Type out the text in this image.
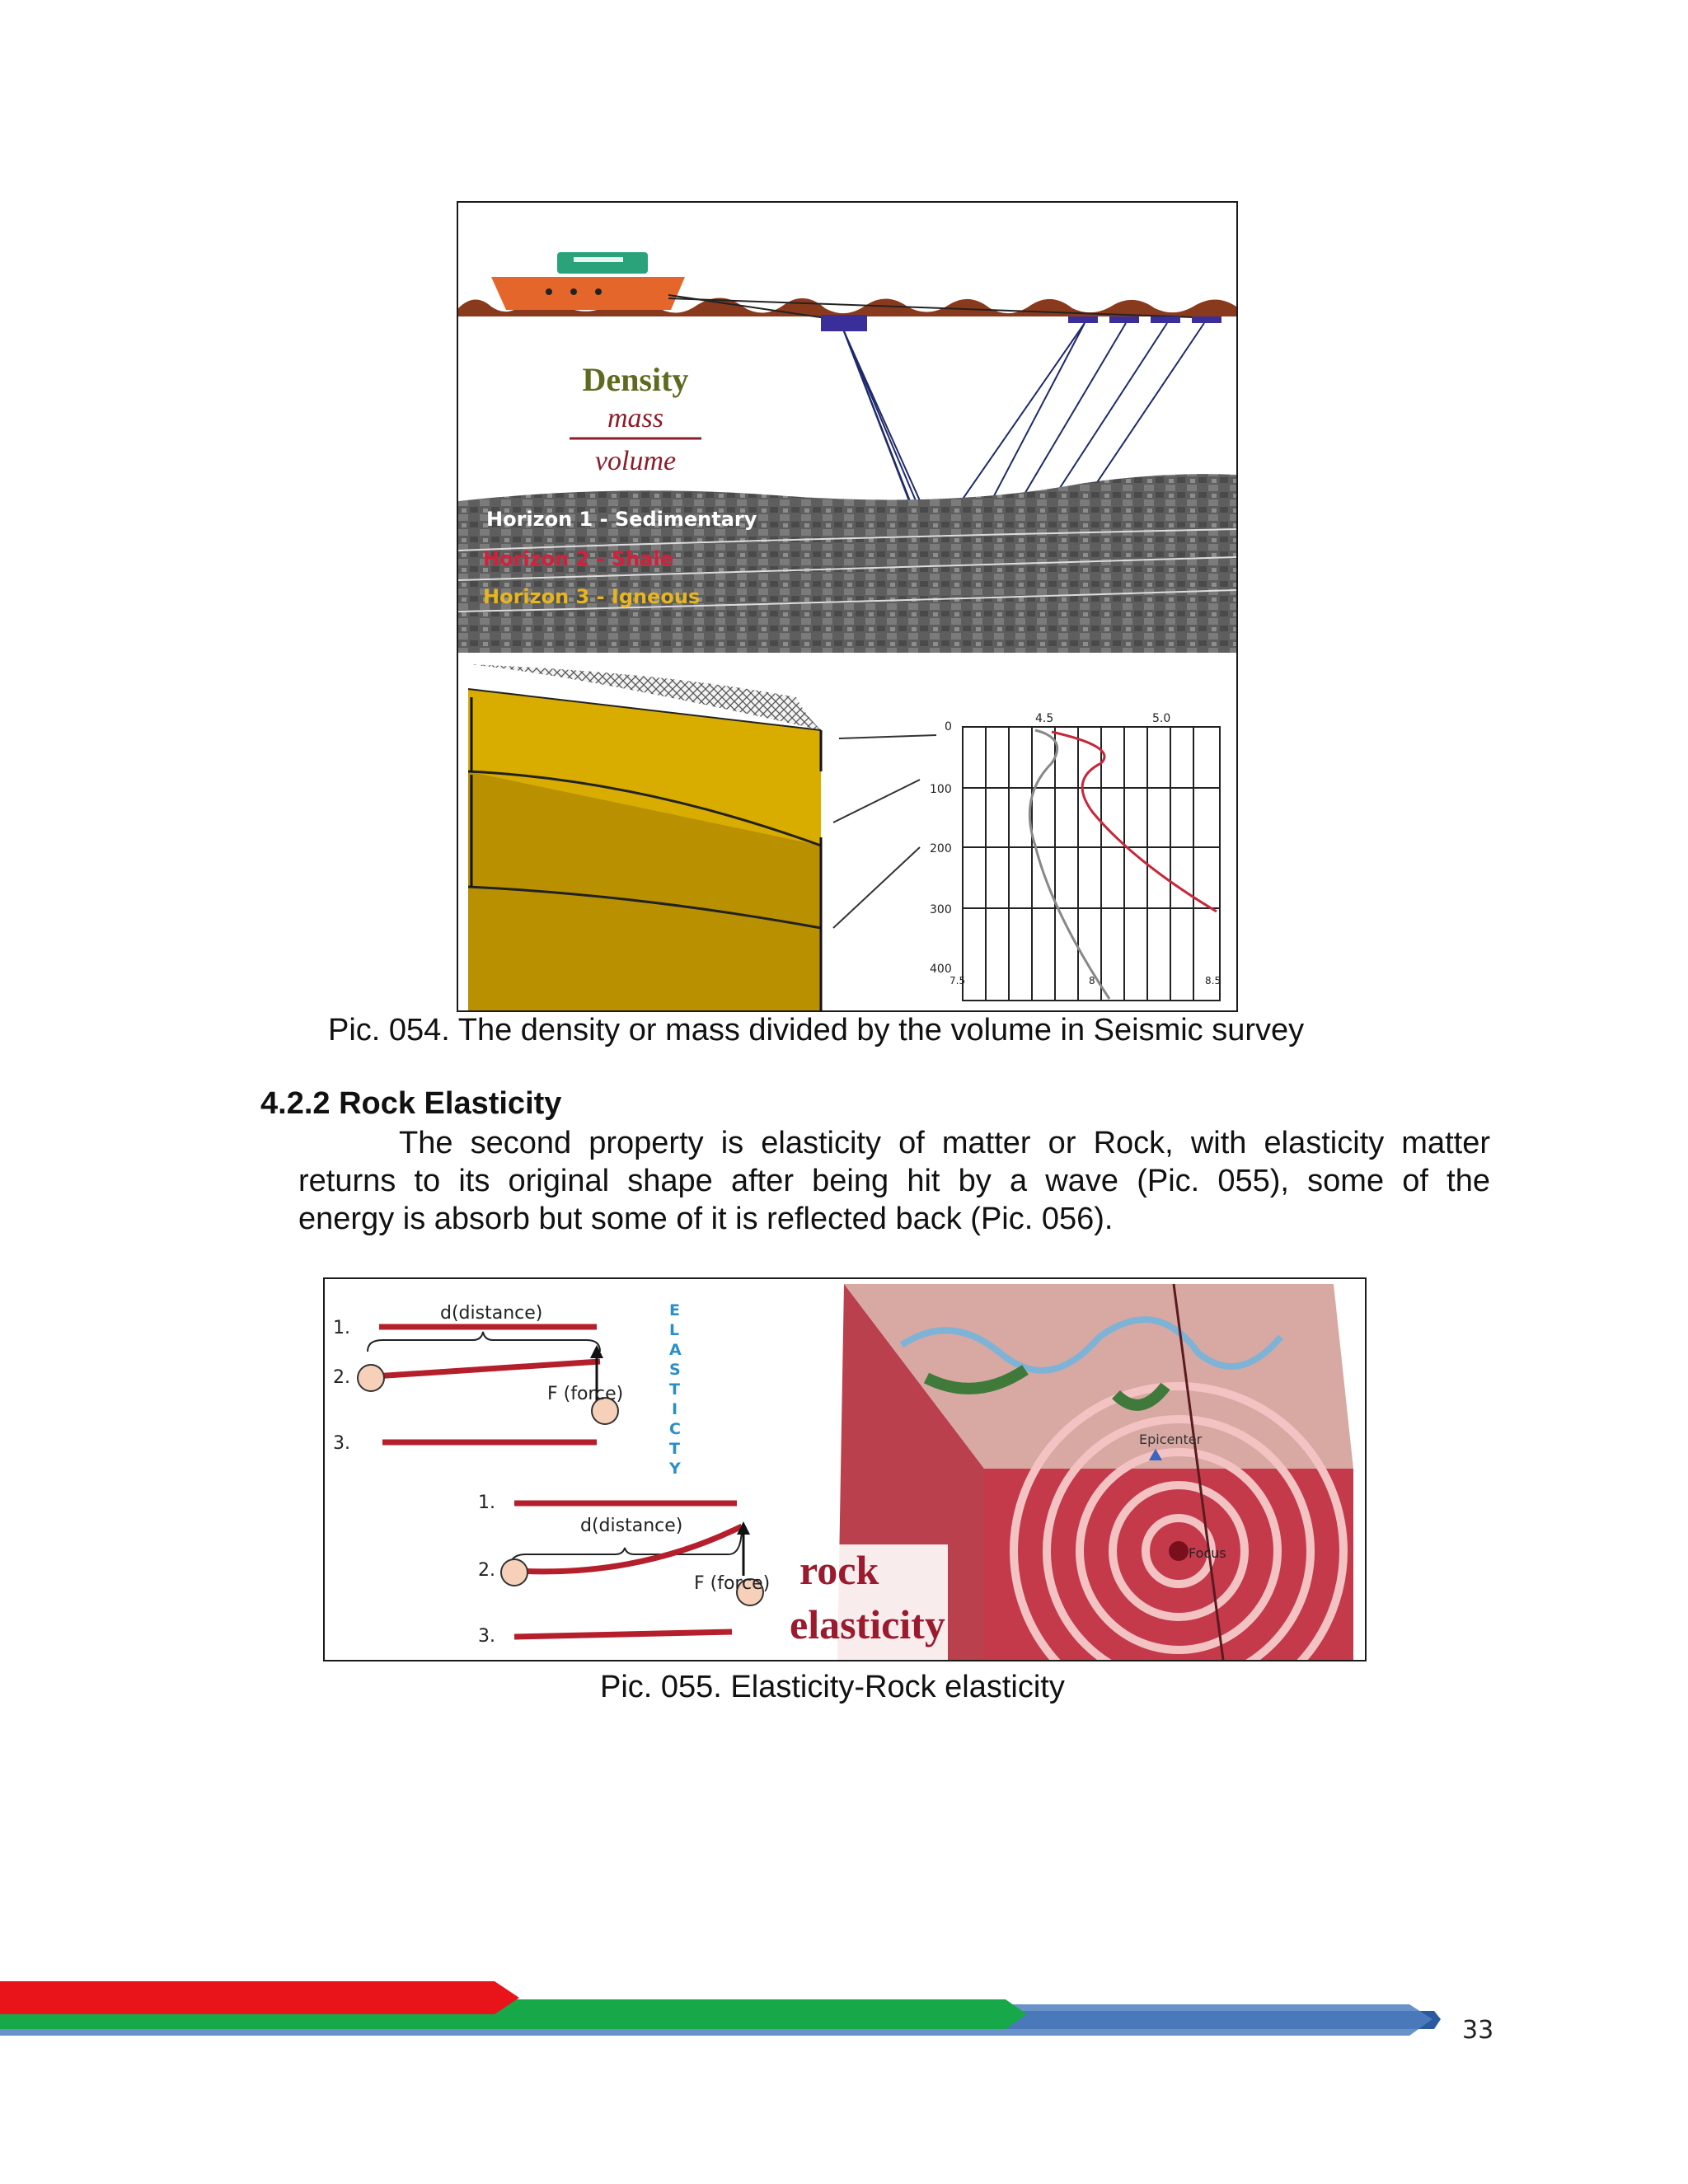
Density
mass
volume
Horizon 1 - Sedimentary
Horizon 2 - Shale
Horizon 3 - Igneous
4.5	5.0
0
100
200
300
400
7.5	8	8.5
Pic. 054. The density or mass divided by the volume in Seismic survey
4.2.2 Rock Elasticity
The second property is elasticity of matter or Rock, with elasticity matter
returns to its original shape after being hit by a wave (Pic. 055), some of the
energy is absorb but some of it is reflected back (Pic. 056).
1.
2.
3.
d(distance)
F (force)
E
L
A
S
T
I
C
T
Y
1.
2.
3.
d(distance)
F (force)
Epicenter
Focus
rock
elasticity
Pic. 055. Elasticity-Rock elasticity
33
